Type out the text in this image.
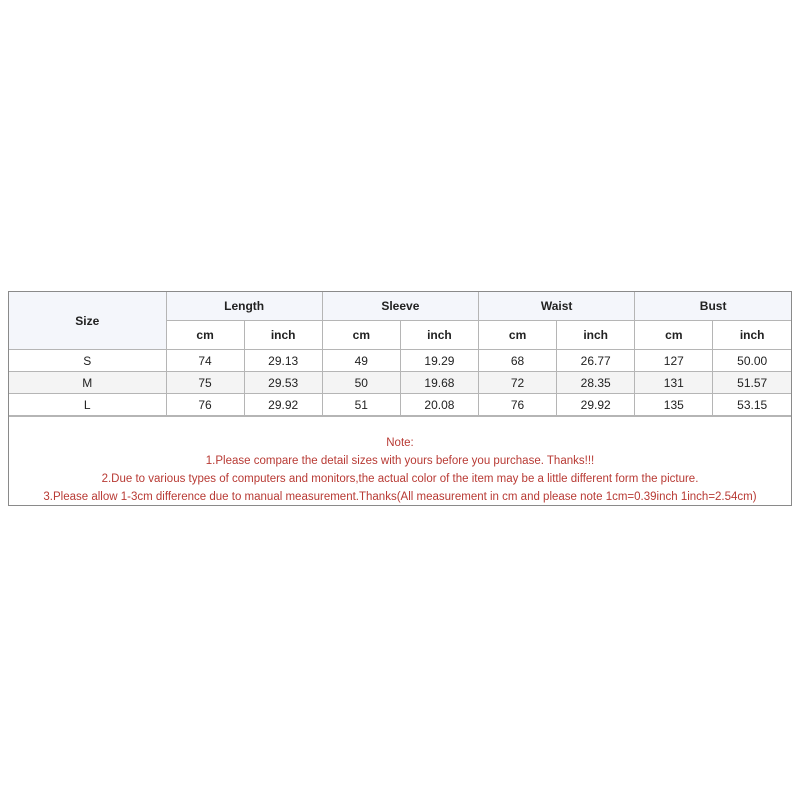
Size	Length		Sleeve		Waist		Bust	
	cm	inch	cm	inch	cm	inch	cm	inch
S	74	29.13	49	19.29	68	26.77	127	50.00
M	75	29.53	50	19.68	72	28.35	131	51.57
L	76	29.92	51	20.08	76	29.92	135	53.15
Note:
1.Please compare the detail sizes with yours before you purchase. Thanks!!!
2.Due to various types of computers and monitors,the actual color of the item may be a little different form the picture.
3.Please allow 1-3cm difference due to manual measurement.Thanks(All measurement in cm and please note 1cm=0.39inch 1inch=2.54cm)
